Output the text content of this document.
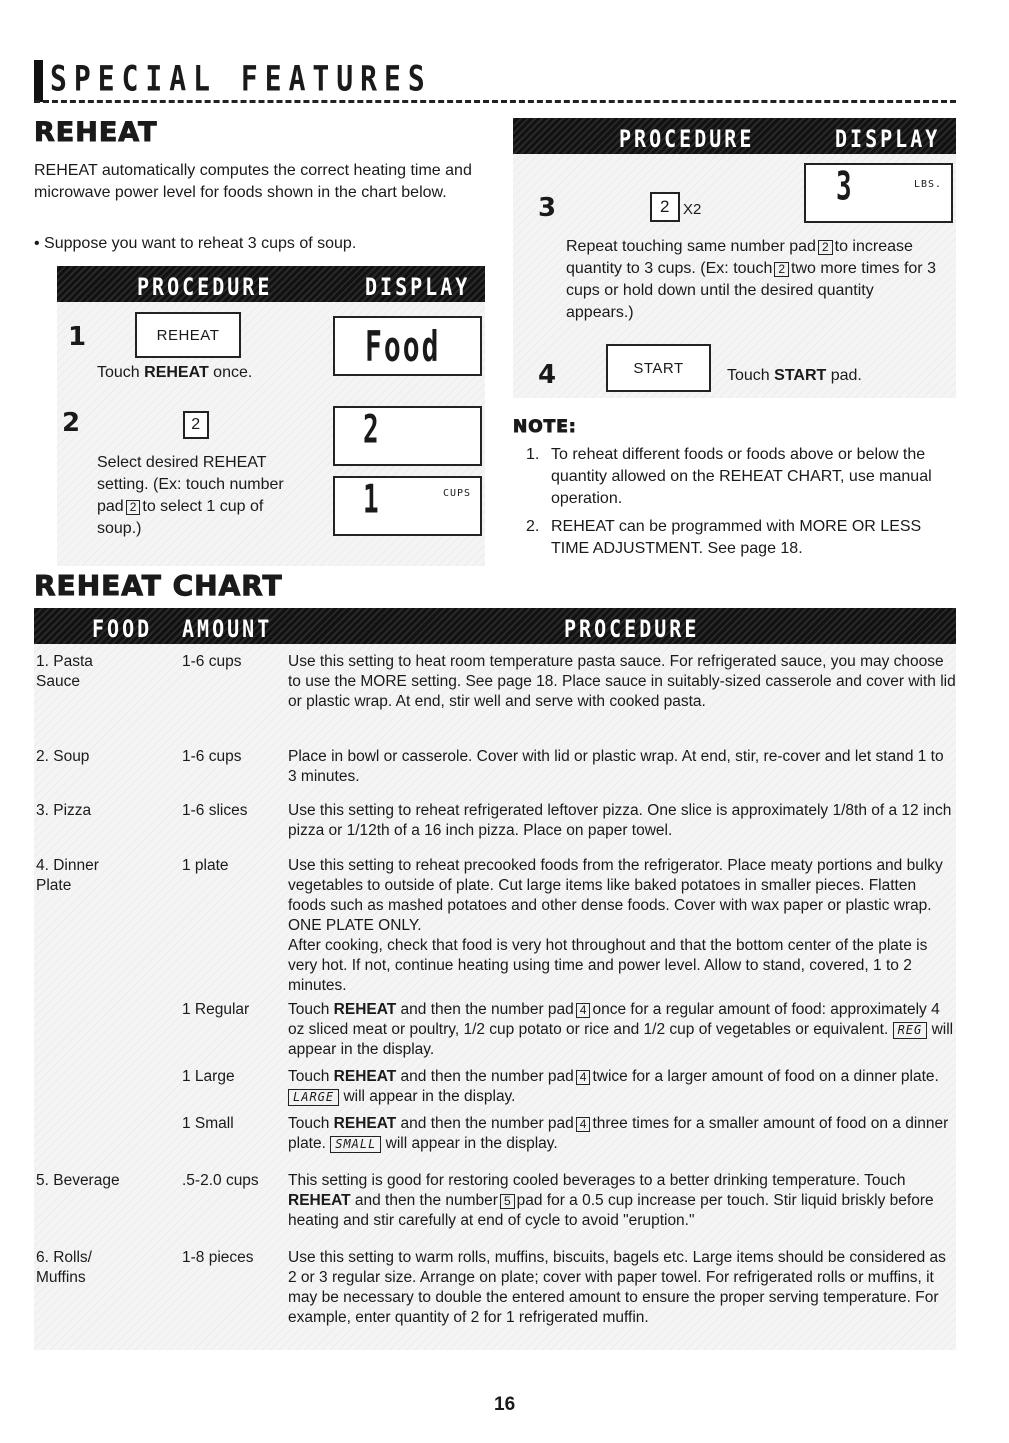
SPECIAL FEATURES
REHEAT
REHEAT automatically computes the correct heating time and microwave power level for foods shown in the chart below.
• Suppose you want to reheat 3 cups of soup.
PROCEDURE	DISPLAY
1	REHEAT
Touch REHEAT once.
Food
2	2
Select desired REHEAT setting. (Ex: touch number pad 2 to select 1 cup of soup.)
2
1	CUPS
PROCEDURE	DISPLAY
3	2 X2	3	LBS.
Repeat touching same number pad 2 to increase quantity to 3 cups. (Ex: touch 2 two more times for 3 cups or hold down until the desired quantity appears.)
4	START	Touch START pad.
NOTE:
1. To reheat different foods or foods above or below the quantity allowed on the REHEAT CHART, use manual operation.
2. REHEAT can be programmed with MORE OR LESS TIME ADJUSTMENT. See page 18.
REHEAT CHART
FOOD AMOUNT	PROCEDURE
1. Pasta
Sauce
1-6 cups	Use this setting to heat room temperature pasta sauce. For refrigerated sauce, you may choose to use the MORE setting. See page 18. Place sauce in suitably-sized casserole and cover with lid or plastic wrap. At end, stir well and serve with cooked pasta.
2. Soup	1-6 cups	Place in bowl or casserole. Cover with lid or plastic wrap. At end, stir, re-cover and let stand 1 to 3 minutes.
3. Pizza	1-6 slices	Use this setting to reheat refrigerated leftover pizza. One slice is approximately 1/8th of a 12 inch pizza or 1/12th of a 16 inch pizza. Place on paper towel.
4. Dinner
Plate
1 plate	Use this setting to reheat precooked foods from the refrigerator. Place meaty portions and bulky vegetables to outside of plate. Cut large items like baked potatoes in smaller pieces. Flatten foods such as mashed potatoes and other dense foods. Cover with wax paper or plastic wrap. ONE PLATE ONLY.
After cooking, check that food is very hot throughout and that the bottom center of the plate is very hot. If not, continue heating using time and power level. Allow to stand, covered, 1 to 2 minutes.
1 Regular	Touch REHEAT and then the number pad 4 once for a regular amount of food: approximately 4 oz sliced meat or poultry, 1/2 cup potato or rice and 1/2 cup of vegetables or equivalent. REG will appear in the display.
1 Large	Touch REHEAT and then the number pad 4 twice for a larger amount of food on a dinner plate. LARGE will appear in the display.
1 Small	Touch REHEAT and then the number pad 4 three times for a smaller amount of food on a dinner plate. SMALL will appear in the display.
5. Beverage	.5-2.0 cups	This setting is good for restoring cooled beverages to a better drinking temperature. Touch REHEAT and then the number 5 pad for a 0.5 cup increase per touch. Stir liquid briskly before heating and stir carefully at end of cycle to avoid "eruption."
6. Rolls/
Muffins
1-8 pieces	Use this setting to warm rolls, muffins, biscuits, bagels etc. Large items should be considered as 2 or 3 regular size. Arrange on plate; cover with paper towel. For refrigerated rolls or muffins, it may be necessary to double the entered amount to ensure the proper serving temperature. For example, enter quantity of 2 for 1 refrigerated muffin.
16
